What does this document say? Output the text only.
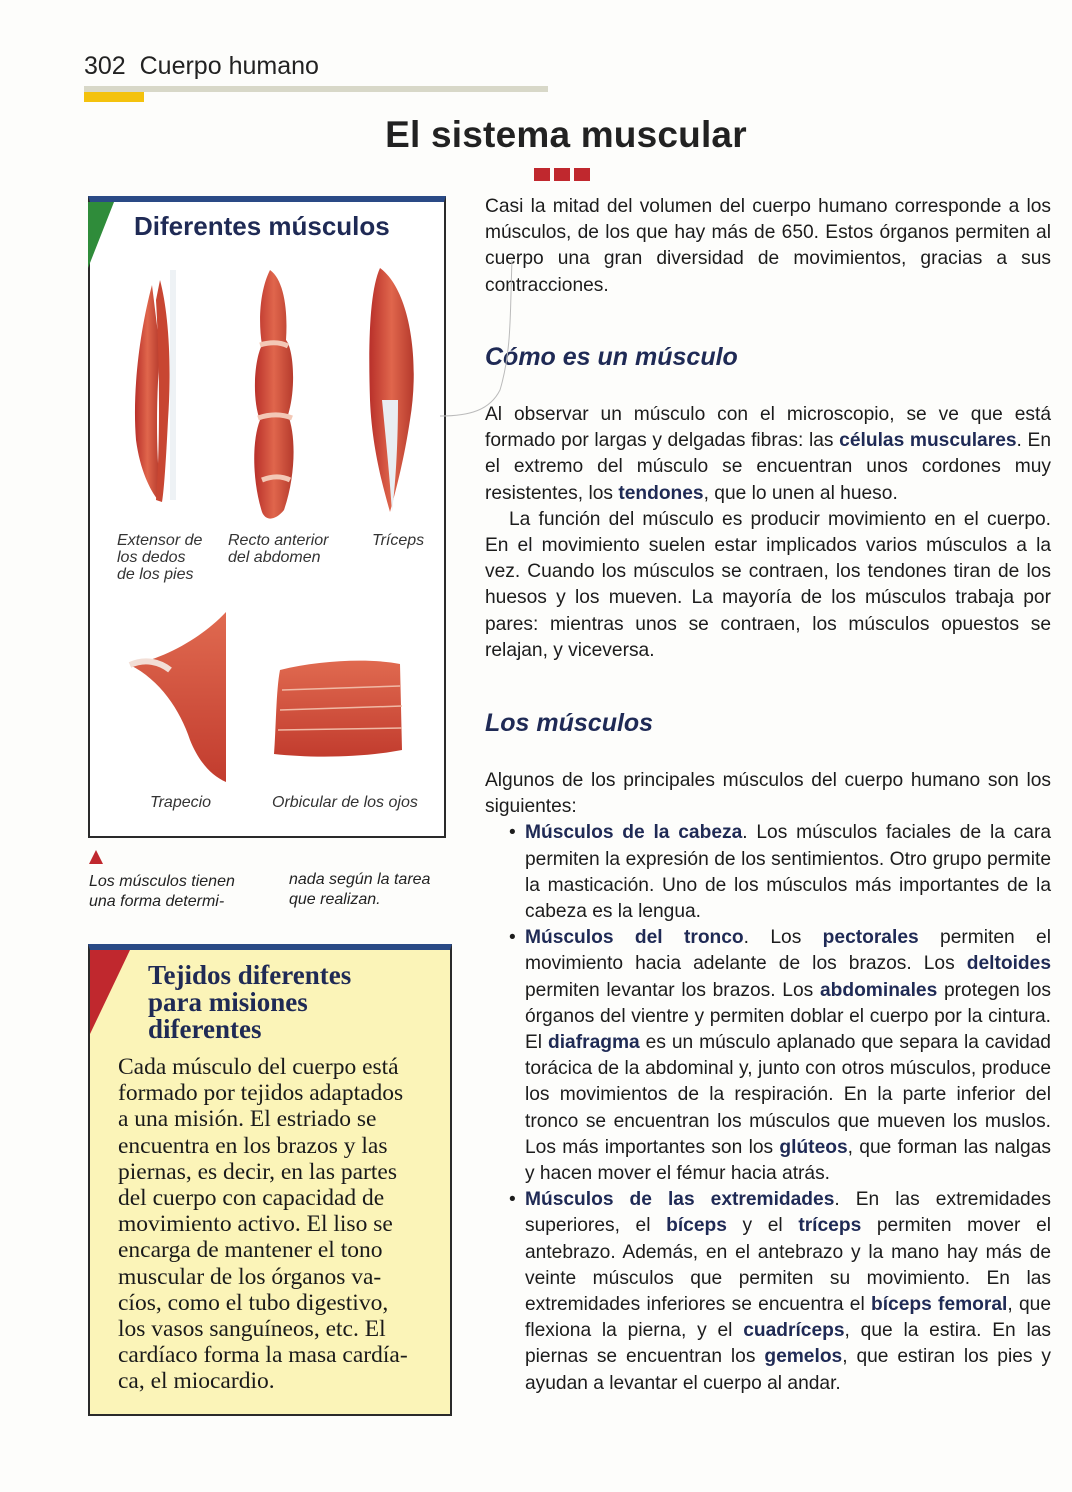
302 Cuerpo humano
El sistema muscular
Diferentes músculos
Extensor de
los dedos
de los pies
Recto anterior
del abdomen
Tríceps
Trapecio	Orbicular de los ojos
Los músculos tienen
una forma determi-
nada según la tarea
que realizan.
Tejidos diferentes
para misiones
diferentes
Cada músculo del cuerpo está
formado por tejidos adaptados
a una misión. El estriado se
encuentra en los brazos y las
piernas, es decir, en las partes
del cuerpo con capacidad de
movimiento activo. El liso se
encarga de mantener el tono
muscular de los órganos va-
cíos, como el tubo digestivo,
los vasos sanguíneos, etc. El
cardíaco forma la masa cardía-
ca, el miocardio.

Casi la mitad del volumen del cuerpo humano corresponde a los músculos, de los que hay más de 650. Estos órganos permiten al cuerpo una gran diversidad de movimientos, gracias a sus contracciones.

Cómo es un músculo

Al observar un músculo con el microscopio, se ve que está formado por largas y delgadas fibras: las células musculares. En el extremo del músculo se encuentran unos cordones muy resistentes, los tendones, que lo unen al hueso.

La función del músculo es producir movimiento en el cuerpo. En el movimiento suelen estar implicados varios músculos a la vez. Cuando los músculos se contraen, los tendones tiran de los huesos y los mueven. La mayoría de los músculos trabaja por pares: mientras unos se contraen, los músculos opuestos se relajan, y viceversa.

Los músculos

Algunos de los principales músculos del cuerpo humano son los siguientes:

• Músculos de la cabeza. Los músculos faciales de la cara permiten la expresión de los sentimientos. Otro grupo permite la masticación. Uno de los músculos más importantes de la cabeza es la lengua.

• Músculos del tronco. Los pectorales permiten el movimiento hacia adelante de los brazos. Los deltoides permiten levantar los brazos. Los abdominales protegen los órganos del vientre y permiten doblar el cuerpo por la cintura. El diafragma es un músculo aplanado que separa la cavidad torácica de la abdominal y, junto con otros músculos, produce los movimientos de la respiración. En la parte inferior del tronco se encuentran los músculos que mueven los muslos. Los más importantes son los glúteos, que forman las nalgas y hacen mover el fémur hacia atrás.

• Músculos de las extremidades. En las extremidades superiores, el bíceps y el tríceps permiten mover el antebrazo. Además, en el antebrazo y la mano hay más de veinte músculos que permiten su movimiento. En las extremidades inferiores se encuentra el bíceps femoral, que flexiona la pierna, y el cuadríceps, que la estira. En las piernas se encuentran los gemelos, que estiran los pies y ayudan a levantar el cuerpo al andar.
